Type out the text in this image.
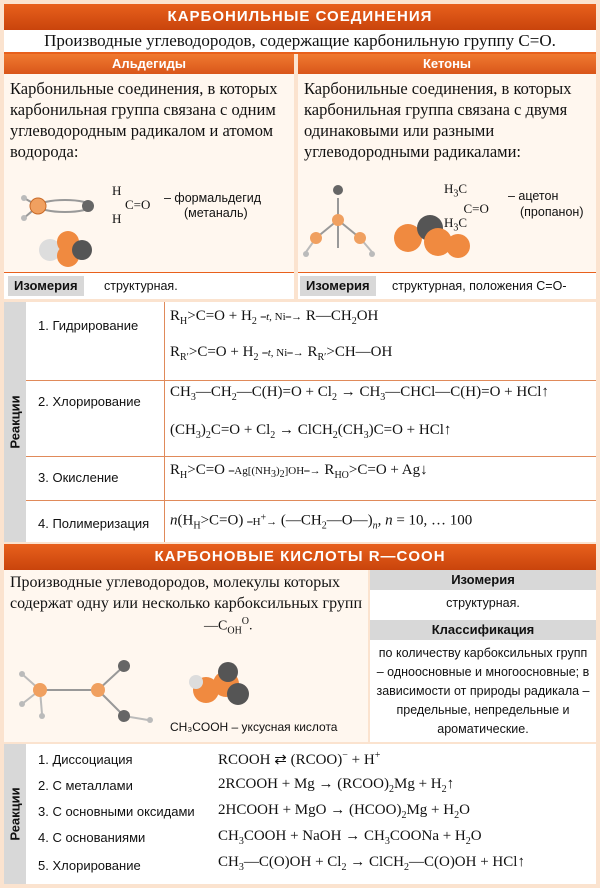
КАРБОНИЛЬНЫЕ СОЕДИНЕНИЯ
Производные углеводородов, содержащие карбонильную группу C=O.
Альдегиды
Карбонильные соединения, в которых карбонильная группа связана с одним углеводородным радикалом и атомом водорода:
H
C=O
H
– формальдегид
(метаналь)
Кетоны
Карбонильные соединения, в которых карбонильная группа связана с двумя одинаковыми или разными углеводородными радикалами:
$H_3C$
C=O
$H_3C$
– ацетон
(пропанон)
Изомерия	структурная.	Изомерия	структурная, положения C=O-
Реакции
1. Гидрирование
$R_H>C=O + H_2$ ⎯t, Ni⎯→ $R—CH_2OH$
$R_{R'}>C=O + H_2$ ⎯t, Ni⎯→ $R_{R'}>CH—OH$
2. Хлорирование
$CH_3—CH_2—C(H)=O + Cl_2$ → $CH_3—CHCl—C(H)=O$ + HCl↑
$(CH_3)_2C=O + Cl_2$ → $ClCH_2(CH_3)C=O$ + HCl↑
3. Окисление	$R_H>C=O$ $⎯Ag[(NH_3)_2]OH⎯\to R_{HO}>C=O$ + Ag↓
4. Полимеризация $n(H_H>C=O)$ ⎯H+→ $(—CH_2—O—)_n$, n = 10, … 100
КАРБОНОВЫЕ КИСЛОТЫ R—COOH
Производные углеводородов, молекулы которых содержат одну или несколько карбоксильных групп
$—C_{OH}^O$.
CH₃COOH – уксусная кислота
Изомерия
структурная.
Классификация
по количеству карбоксильных групп – одноосновные и многоосновные; в зависимости от природы радикала – предельные, непредельные и ароматические.
Реакции
1. Диссоциация	RCOOH ⇄ (RCOO)− + H+
2. С металлами	2RCOOH + $Mg \to (RCOO)_2Mg$ + $H_2↑$
3. С основными оксидами 2HCOOH + MgO → $(HCOO)_2Mg + H_2O$
4. С основаниями	$CH_3COOH$ + NaOH → $CH_3COONa + H_2O$
5. Хлорирование	$CH_3—C(O)OH + Cl_2$ → ClCH$_2$—C(O)OH + HCl↑
